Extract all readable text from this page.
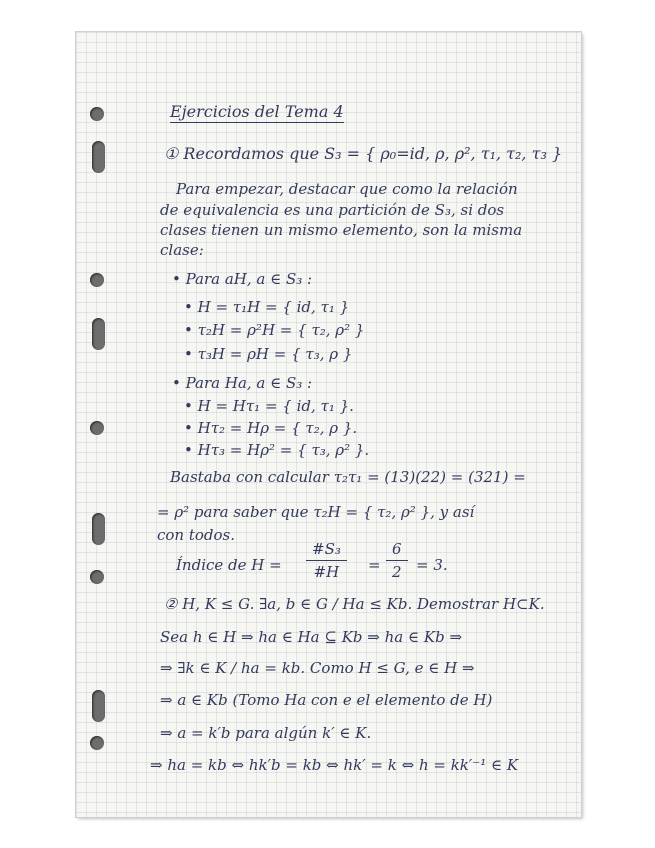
Ejercicios del Tema 4
① Recordamos que S₃ = { ρ₀=id, ρ, ρ², τ₁, τ₂, τ₃ }
Para empezar, destacar que como la relación
de equivalencia es una partición de S₃, si dos
clases tienen un mismo elemento, son la misma
clase:
• Para aH, a ∈ S₃ :
• H = τ₁H = { id, τ₁ }
• τ₂H = ρ²H = { τ₂, ρ² }
• τ₃H = ρH = { τ₃, ρ }
• Para Ha, a ∈ S₃ :
• H = Hτ₁ = { id, τ₁ }.
• Hτ₂ = Hρ = { τ₂, ρ }.
• Hτ₃ = Hρ² = { τ₃, ρ² }.
Bastaba con calcular τ₂τ₁ = (13)(22) = (321) =
= ρ² para saber que τ₂H = { τ₂, ρ² }, y así
con todos.
Índice de $H = \frac{\text{\#S₃}}{\#H} = \frac{6}{2} = 3$.
② H, K ≤ G. ∃a, b ∈ G / Ha ≤ Kb. Demostrar H⊂K.
Sea h ∈ H ⇒ ha ∈ Ha ⊆ Kb ⇒ ha ∈ Kb ⇒
⇒ ∃k ∈ K / ha = kb. Como H ≤ G, e ∈ H ⇒
⇒ a ∈ Kb (Tomo Ha con e el elemento de H)
⇒ a = k′b para algún k′ ∈ K.
⇒ ha = kb ⇔ hk′b = kb ⇔ hk′ = k ⇔ h = kk′⁻¹ ∈ K
